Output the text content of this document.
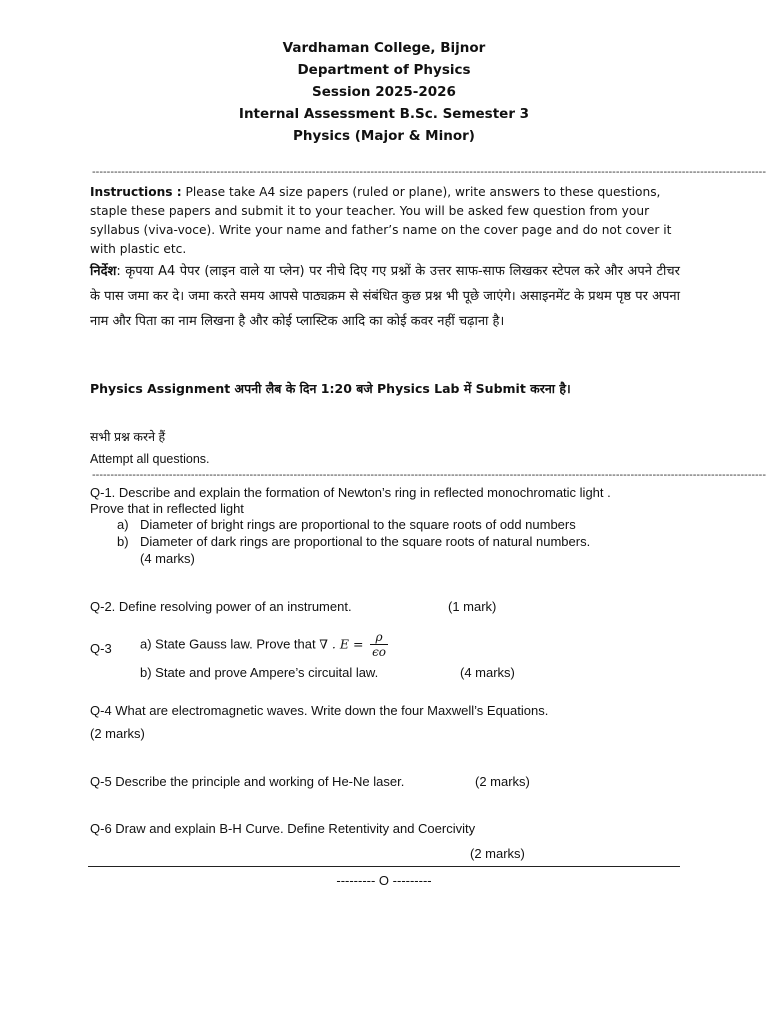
Vardhaman College, Bijnor
Department of Physics
Session 2025-2026
Internal Assessment B.Sc. Semester 3
Physics (Major & Minor)
----------------------------------------------------------------------------------------------------------------------------------------------------------------------------------------
Instructions : Please take A4 size papers (ruled or plane), write answers to these questions, staple these papers and submit it to your teacher. You will be asked few question from your syllabus (viva-voce). Write your name and father’s name on the cover page and do not cover it with plastic etc.
निर्देश: कृपया A4 पेपर (लाइन वाले या प्लेन) पर नीचे दिए गए प्रश्नों के उत्तर साफ-साफ लिखकर स्टेपल करे और अपने टीचर के पास जमा कर दे। जमा करते समय आपसे पाठ्यक्रम से संबंधित कुछ प्रश्न भी पूछे जाएंगे। असाइनमेंट के प्रथम पृष्ठ पर अपना नाम और पिता का नाम लिखना है और कोई प्लास्टिक आदि का कोई कवर नहीं चढ़ाना है।
Physics Assignment अपनी लैब के दिन 1:20 बजे Physics Lab में Submit करना है।
सभी प्रश्न करने हैं
Attempt all questions.
----------------------------------------------------------------------------------------------------------------------------------------------------------------------------------------
Q-1. Describe and explain the formation of Newton’s ring in reflected monochromatic light .
Prove that in reflected light
a) Diameter of bright rings are proportional to the square roots of odd numbers
b) Diameter of dark rings are proportional to the square roots of natural numbers.
(4 marks)
Q-2. Define resolving power of an instrument.	(1 mark)
Q-3 a) State Gauss law. Prove that ∇ . $E = \frac{\rho}{\epsilon o}$
b) State and prove Ampere’s circuital law.	(4 marks)
Q-4 What are electromagnetic waves. Write down the four Maxwell’s Equations.
(2 marks)
Q-5 Describe the principle and working of He-Ne laser.	(2 marks)
Q-6 Draw and explain B-H Curve. Define Retentivity and Coercivity
(2 marks)
--------- O ---------
